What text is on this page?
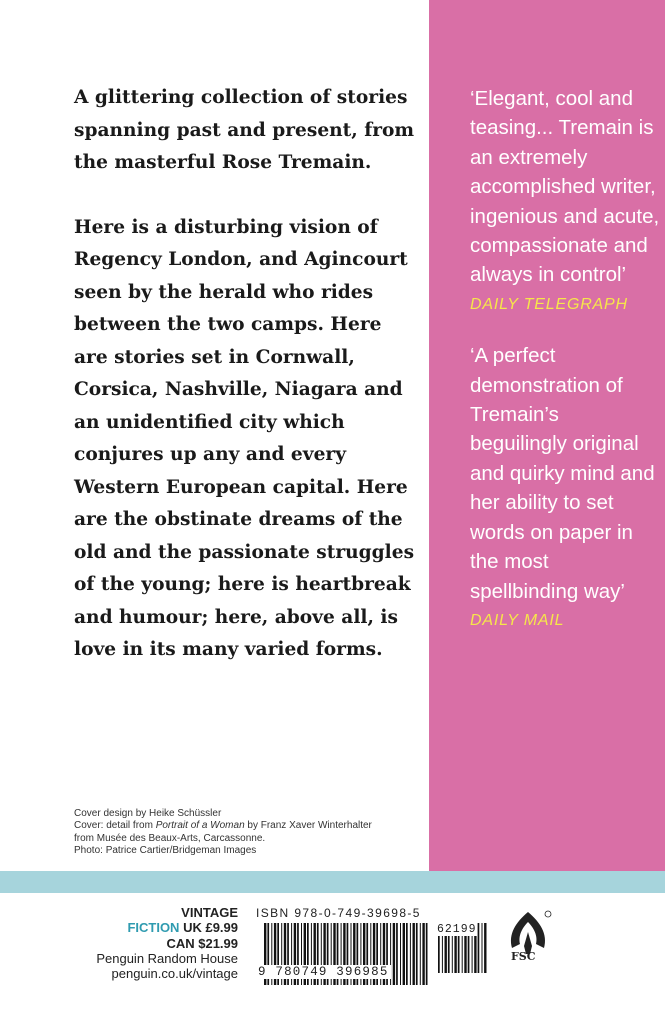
A glittering collection of stories spanning past and present, from the masterful Rose Tremain.

Here is a disturbing vision of Regency London, and Agincourt seen by the herald who rides between the two camps. Here are stories set in Cornwall, Corsica, Nashville, Niagara and an unidentified city which conjures up any and every Western European capital. Here are the obstinate dreams of the old and the passionate struggles of the young; here is heartbreak and humour; here, above all, is love in its many varied forms.

‘Elegant, cool and teasing... Tremain is an extremely accomplished writer, ingenious and acute, compassionate and always in control’

DAILY TELEGRAPH

‘A perfect demonstration of Tremain’s beguilingly original and quirky mind and her ability to set words on paper in the most spellbinding way’

DAILY MAIL

Cover design by Heike Schüssler
Cover: detail from Portrait of a Woman by Franz Xaver Winterhalter
from Musée des Beaux-Arts, Carcassonne.
Photo: Patrice Cartier/Bridgeman Images
VINTAGE
FICTION UK £9.99
CAN $21.99
Penguin Random House
penguin.co.uk/vintage
ISBN 978-0-749-39698-5
9 780749 396985
62199
FSC
